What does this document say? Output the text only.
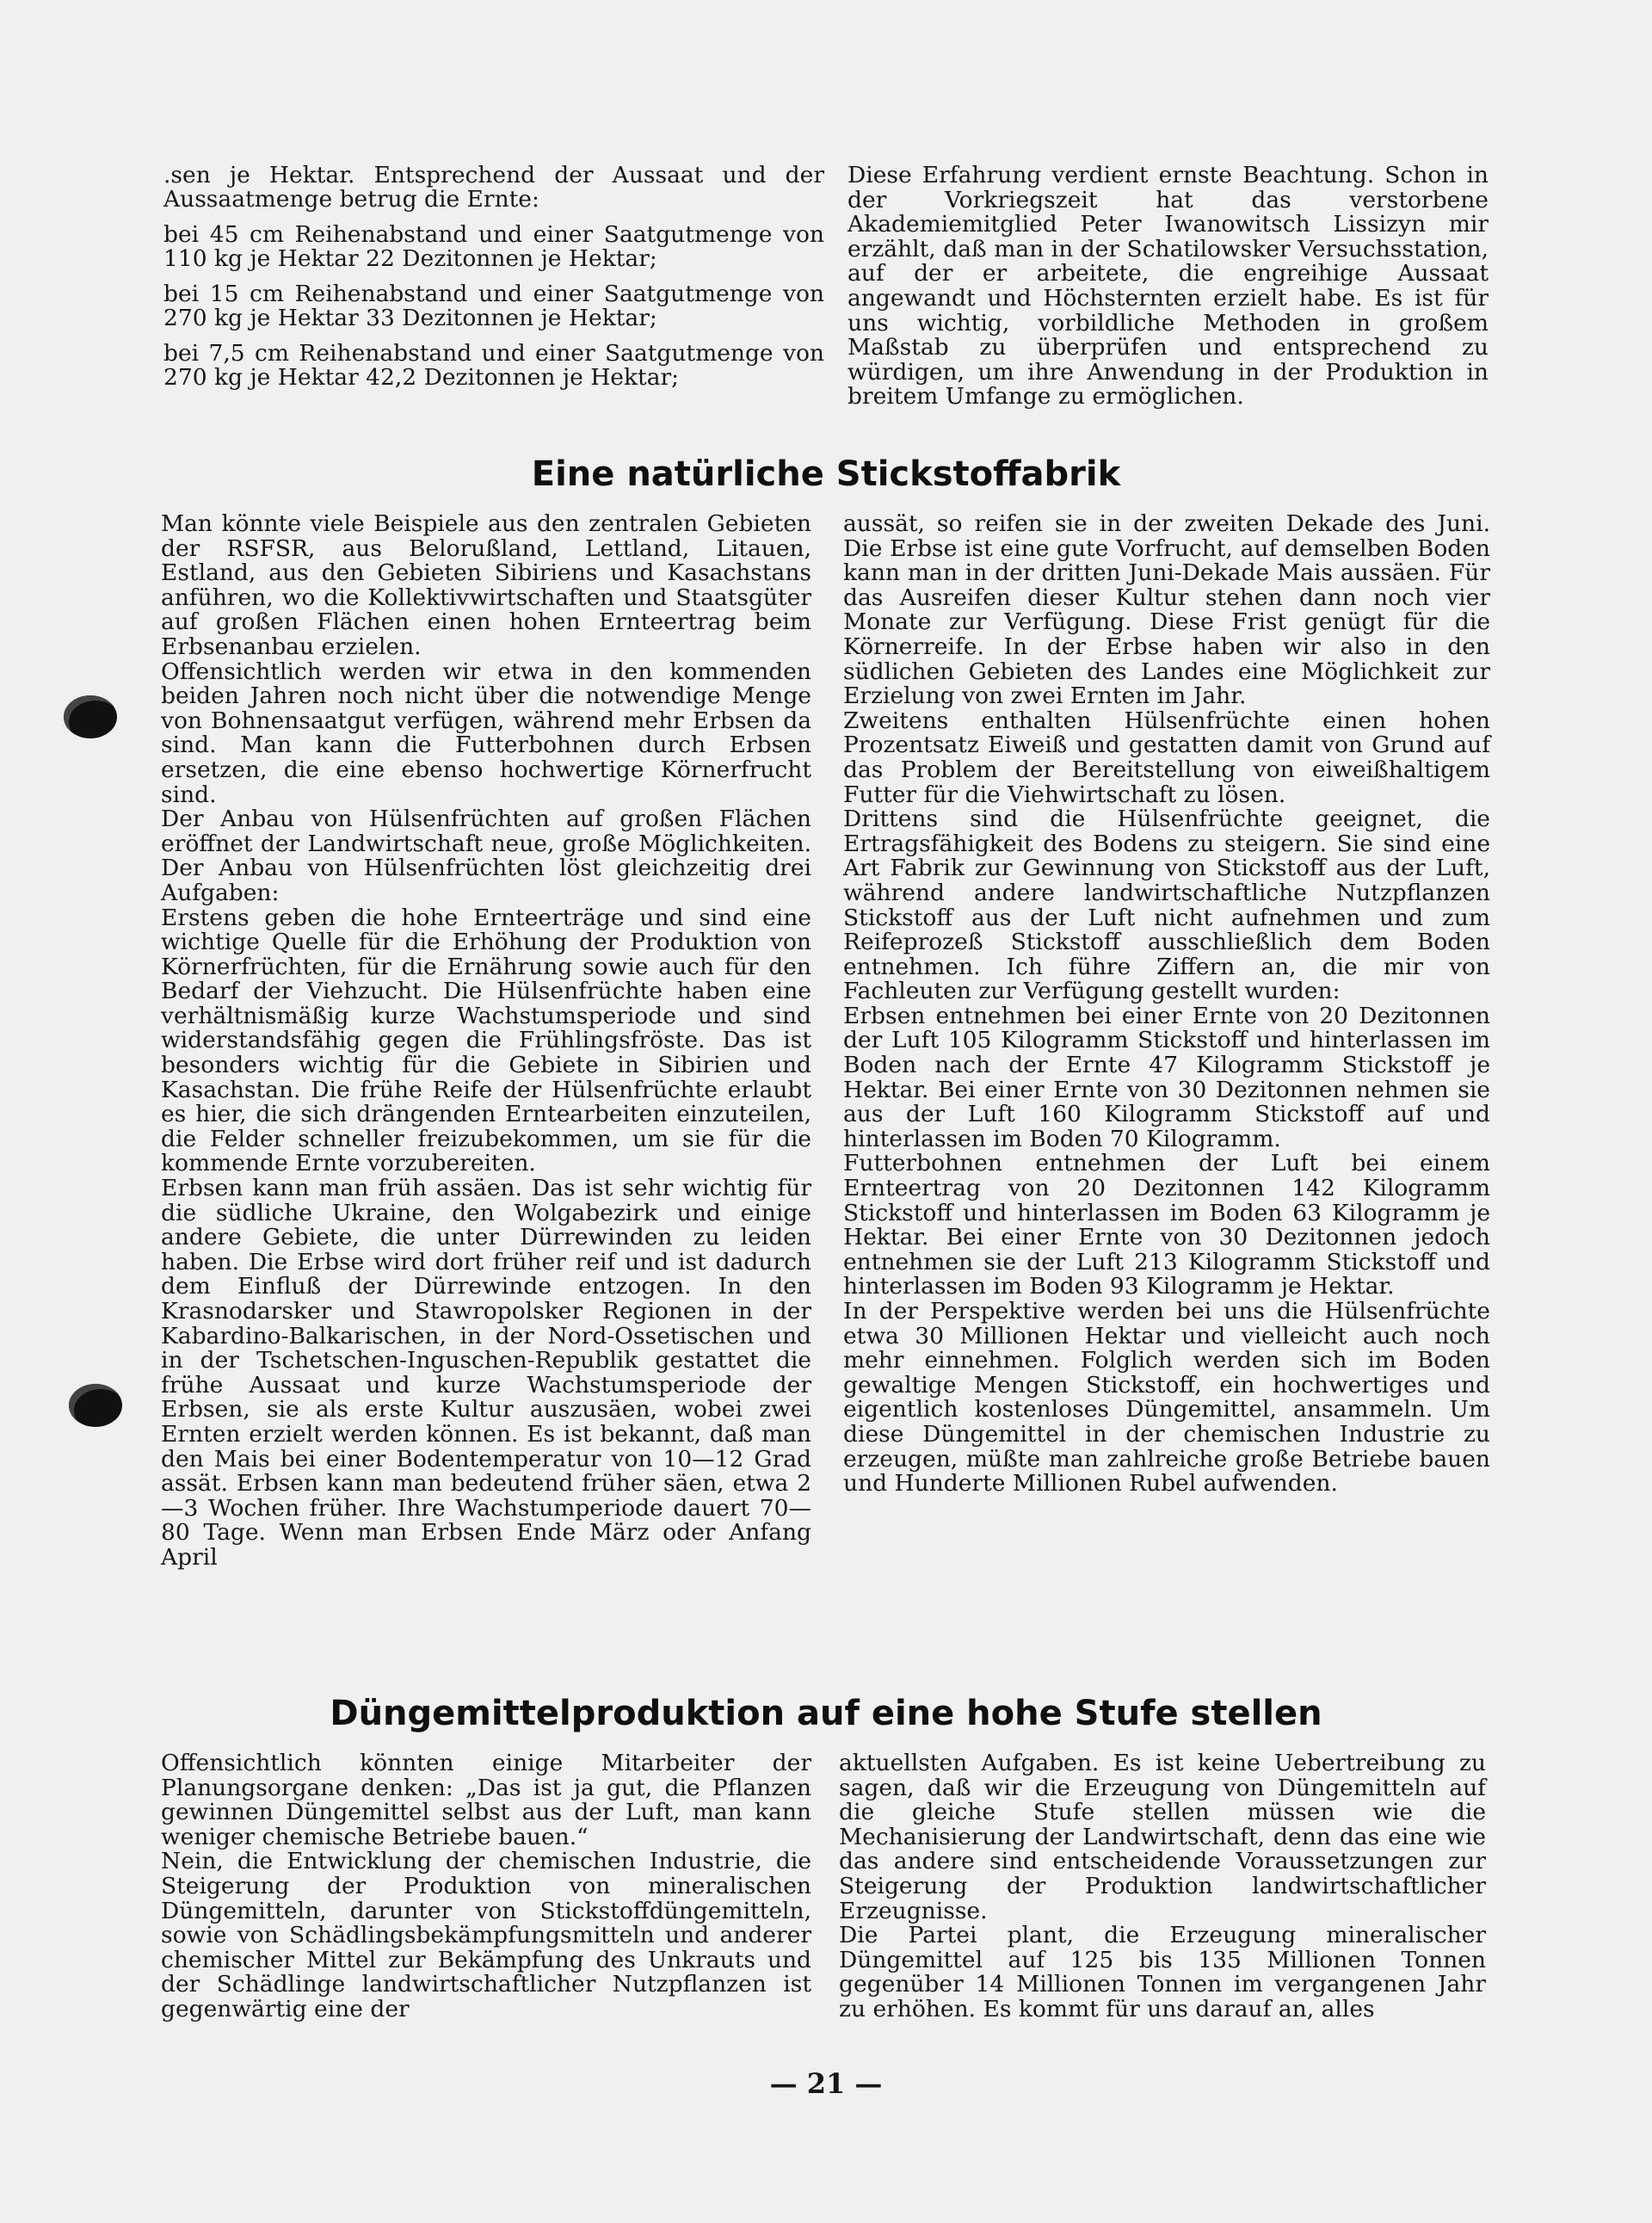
.sen je Hektar. Entsprechend der Aussaat und der Aussaatmenge betrug die Ernte:

bei 45 cm Reihenabstand und einer Saatgutmenge von 110 kg je Hektar 22 Dezitonnen je Hektar;

bei 15 cm Reihenabstand und einer Saatgutmenge von 270 kg je Hektar 33 Dezitonnen je Hektar;

bei 7,5 cm Reihenabstand und einer Saatgutmenge von 270 kg je Hektar 42,2 Dezitonnen je Hektar;

Diese Erfahrung verdient ernste Beachtung. Schon in der Vorkriegszeit hat das verstorbene Akademiemitglied Peter Iwanowitsch Lissizyn mir erzählt, daß man in der Schatilowsker Versuchsstation, auf der er arbeitete, die engreihige Aussaat angewandt und Höchsternten erzielt habe. Es ist für uns wichtig, vorbildliche Methoden in großem Maßstab zu überprüfen und entsprechend zu würdigen, um ihre Anwendung in der Produktion in breitem Umfange zu ermöglichen.

Eine natürliche Stickstoffabrik

Man könnte viele Beispiele aus den zentralen Gebieten der RSFSR, aus Belorußland, Lettland, Litauen, Estland, aus den Gebieten Sibiriens und Kasachstans anführen, wo die Kollektivwirtschaften und Staatsgüter auf großen Flächen einen hohen Ernteertrag beim Erbsenanbau erzielen.

Offensichtlich werden wir etwa in den kommenden beiden Jahren noch nicht über die notwendige Menge von Bohnensaatgut verfügen, während mehr Erbsen da sind. Man kann die Futterbohnen durch Erbsen ersetzen, die eine ebenso hochwertige Körnerfrucht sind.

Der Anbau von Hülsenfrüchten auf großen Flächen eröffnet der Landwirtschaft neue, große Möglichkeiten. Der Anbau von Hülsenfrüchten löst gleichzeitig drei Aufgaben:

Erstens geben die hohe Ernteerträge und sind eine wichtige Quelle für die Erhöhung der Produktion von Körnerfrüchten, für die Ernährung sowie auch für den Bedarf der Viehzucht. Die Hülsenfrüchte haben eine verhältnismäßig kurze Wachstumsperiode und sind widerstandsfähig gegen die Frühlingsfröste. Das ist besonders wichtig für die Gebiete in Sibirien und Kasachstan. Die frühe Reife der Hülsenfrüchte erlaubt es hier, die sich drängenden Erntearbeiten einzuteilen, die Felder schneller freizubekommen, um sie für die kommende Ernte vorzubereiten.

Erbsen kann man früh assäen. Das ist sehr wichtig für die südliche Ukraine, den Wolgabezirk und einige andere Gebiete, die unter Dürrewinden zu leiden haben. Die Erbse wird dort früher reif und ist dadurch dem Einfluß der Dürrewinde entzogen. In den Krasnodarsker und Stawropolsker Regionen in der Kabardino-Balkarischen, in der Nord-Ossetischen und in der Tschetschen-Inguschen-Republik gestattet die frühe Aussaat und kurze Wachstumsperiode der Erbsen, sie als erste Kultur auszusäen, wobei zwei Ernten erzielt werden können. Es ist bekannt, daß man den Mais bei einer Bodentemperatur von 10—12 Grad assät. Erbsen kann man bedeutend früher säen, etwa 2—3 Wochen früher. Ihre Wachstumperiode dauert 70—80 Tage. Wenn man Erbsen Ende März oder Anfang April

aussät, so reifen sie in der zweiten Dekade des Juni. Die Erbse ist eine gute Vorfrucht, auf demselben Boden kann man in der dritten Juni-Dekade Mais aussäen. Für das Ausreifen dieser Kultur stehen dann noch vier Monate zur Verfügung. Diese Frist genügt für die Körnerreife. In der Erbse haben wir also in den südlichen Gebieten des Landes eine Möglichkeit zur Erzielung von zwei Ernten im Jahr.

Zweitens enthalten Hülsenfrüchte einen hohen Prozentsatz Eiweiß und gestatten damit von Grund auf das Problem der Bereitstellung von eiweißhaltigem Futter für die Viehwirtschaft zu lösen.

Drittens sind die Hülsenfrüchte geeignet, die Ertragsfähigkeit des Bodens zu steigern. Sie sind eine Art Fabrik zur Gewinnung von Stickstoff aus der Luft, während andere landwirtschaftliche Nutzpflanzen Stickstoff aus der Luft nicht aufnehmen und zum Reifeprozeß Stickstoff ausschließlich dem Boden entnehmen. Ich führe Ziffern an, die mir von Fachleuten zur Verfügung gestellt wurden:

Erbsen entnehmen bei einer Ernte von 20 Dezitonnen der Luft 105 Kilogramm Stickstoff und hinterlassen im Boden nach der Ernte 47 Kilogramm Stickstoff je Hektar. Bei einer Ernte von 30 Dezitonnen nehmen sie aus der Luft 160 Kilogramm Stickstoff auf und hinterlassen im Boden 70 Kilogramm.

Futterbohnen entnehmen der Luft bei einem Ernteertrag von 20 Dezitonnen 142 Kilogramm Stickstoff und hinterlassen im Boden 63 Kilogramm je Hektar. Bei einer Ernte von 30 Dezitonnen jedoch entnehmen sie der Luft 213 Kilogramm Stickstoff und hinterlassen im Boden 93 Kilogramm je Hektar.

In der Perspektive werden bei uns die Hülsenfrüchte etwa 30 Millionen Hektar und vielleicht auch noch mehr einnehmen. Folglich werden sich im Boden gewaltige Mengen Stickstoff, ein hochwertiges und eigentlich kostenloses Düngemittel, ansammeln. Um diese Düngemittel in der chemischen Industrie zu erzeugen, müßte man zahlreiche große Betriebe bauen und Hunderte Millionen Rubel aufwenden.

Düngemittelproduktion auf eine hohe Stufe stellen

Offensichtlich könnten einige Mitarbeiter der Planungsorgane denken: „Das ist ja gut, die Pflanzen gewinnen Düngemittel selbst aus der Luft, man kann weniger chemische Betriebe bauen.“

Nein, die Entwicklung der chemischen Industrie, die Steigerung der Produktion von mineralischen Düngemitteln, darunter von Stickstoffdüngemitteln, sowie von Schädlingsbekämpfungsmitteln und anderer chemischer Mittel zur Bekämpfung des Unkrauts und der Schädlinge landwirtschaftlicher Nutzpflanzen ist gegenwärtig eine der

aktuellsten Aufgaben. Es ist keine Uebertreibung zu sagen, daß wir die Erzeugung von Düngemitteln auf die gleiche Stufe stellen müssen wie die Mechanisierung der Landwirtschaft, denn das eine wie das andere sind entscheidende Voraussetzungen zur Steigerung der Produktion landwirtschaftlicher Erzeugnisse.

Die Partei plant, die Erzeugung mineralischer Düngemittel auf 125 bis 135 Millionen Tonnen gegenüber 14 Millionen Tonnen im vergangenen Jahr zu erhöhen. Es kommt für uns darauf an, alles

— 21 —
